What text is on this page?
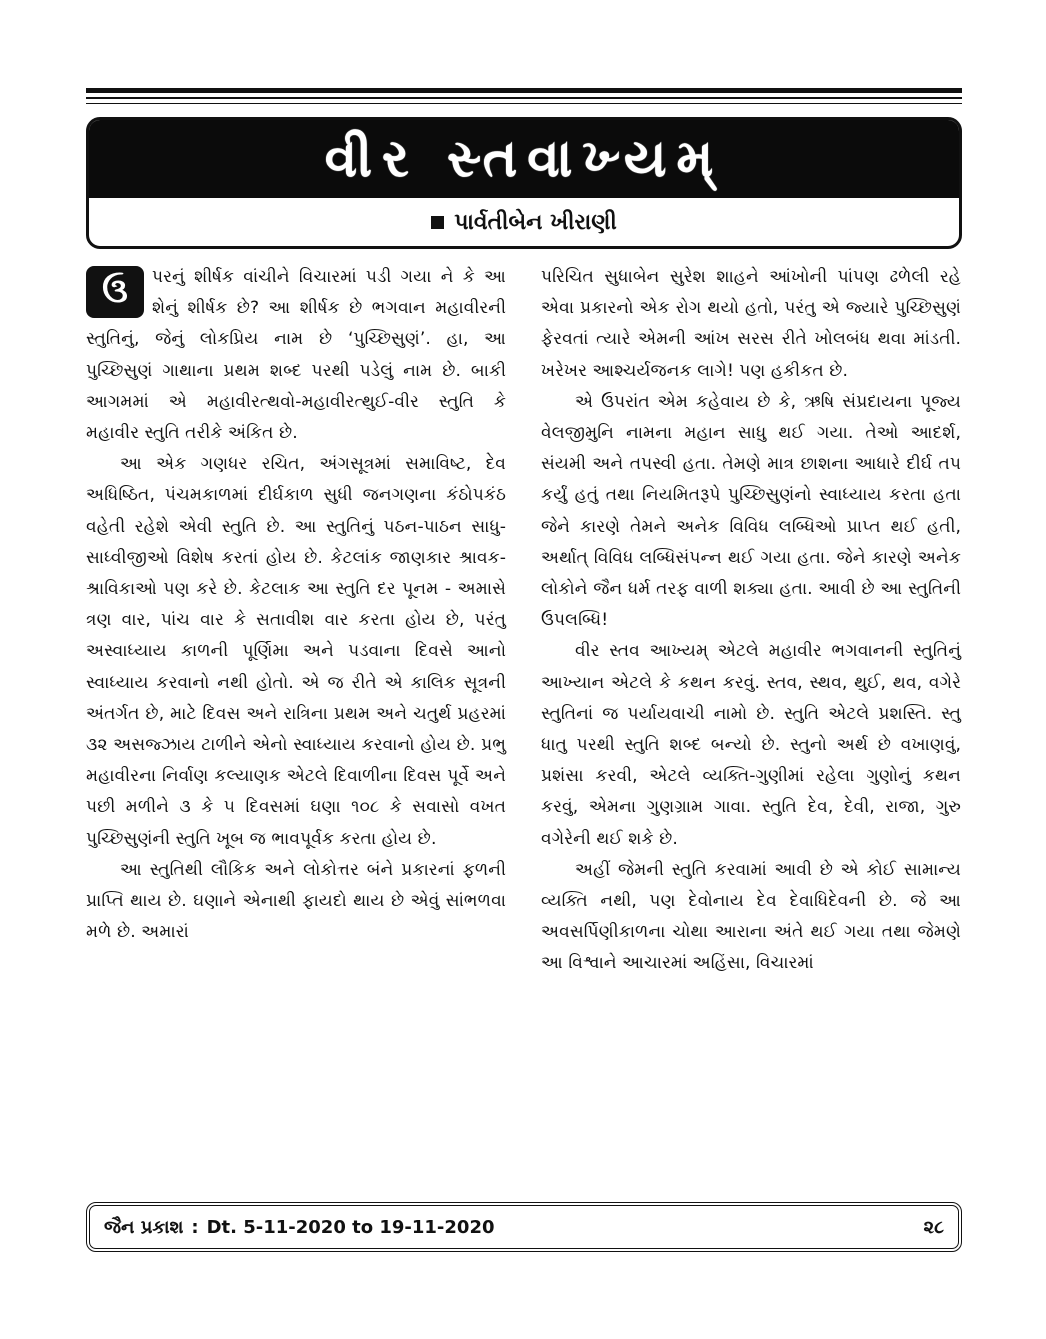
વીર સ્તવાખ્યમ્
પાર્વતીબેન ખીરાણી

ઉ	પરનું શીર્ષક વાંચીને વિચારમાં પડી ગયા ને કે આ શેનું શીર્ષક છે? આ શીર્ષક છે ભગવાન મહાવીરની સ્તુતિનું, જેનું લોકપ્રિય નામ છે ‘પુચ્છિસુણં’. હા, આ પુચ્છિસુણં ગાથાના પ્રથમ શબ્દ પરથી પડેલું નામ છે. બાકી આગમમાં એ મહાવીરત્થવો-મહાવીરત્થુઈ-વીર સ્તુતિ કે મહાવીર સ્તુતિ તરીકે અંકિત છે.

આ એક ગણધર રચિત, અંગસૂત્રમાં સમાવિષ્ટ, દેવ અધિષ્ઠિત, પંચમકાળમાં દીર્ઘકાળ સુધી જનગણના કંઠોપકંઠ વહેતી રહેશે એવી સ્તુતિ છે. આ સ્તુતિનું પઠન-પાઠન સાધુ-સાધ્વીજીઓ વિશેષ કરતાં હોય છે. કેટલાંક જાણકાર શ્રાવક-શ્રાવિકાઓ પણ કરે છે. કેટલાક આ સ્તુતિ દર પૂનમ - અમાસે ત્રણ વાર, પાંચ વાર કે સતાવીશ વાર કરતા હોય છે, પરંતુ અસ્વાધ્યાય કાળની પૂર્ણિમા અને પડવાના દિવસે આનો સ્વાધ્યાય કરવાનો નથી હોતો. એ જ રીતે એ કાલિક સૂત્રની અંતર્ગત છે, માટે દિવસ અને રાત્રિના પ્રથમ અને ચતુર્થ પ્રહરમાં ૩૨ અસજ્ઝાય ટાળીને એનો સ્વાધ્યાય કરવાનો હોય છે. પ્રભુ મહાવીરના નિર્વાણ કલ્યાણક એટલે દિવાળીના દિવસ પૂર્વે અને પછી મળીને ૩ કે ૫ દિવસમાં ઘણા ૧૦૮ કે સવાસો વખત પુચ્છિસુણંની સ્તુતિ ખૂબ જ ભાવપૂર્વક કરતા હોય છે.

આ સ્તુતિથી લૌકિક અને લોકોત્તર બંને પ્રકારનાં ફળની પ્રાપ્તિ થાય છે. ઘણાને એનાથી ફાયદો થાય છે એવું સાંભળવા મળે છે. અમારાં

પરિચિત સુધાબેન સુરેશ શાહને આંખોની પાંપણ ઢળેલી રહે એવા પ્રકારનો એક રોગ થયો હતો, પરંતુ એ જ્યારે પુચ્છિસુણં ફેરવતાં ત્યારે એમની આંખ સરસ રીતે ખોલબંધ થવા માંડતી. ખરેખર આશ્ચર્યજનક લાગે! પણ હકીકત છે.

એ ઉપરાંત એમ કહેવાય છે કે, ઋષિ સંપ્રદાયના પૂજ્ય વેલજીમુનિ નામના મહાન સાધુ થઈ ગયા. તેઓ આદર્શ, સંયમી અને તપસ્વી હતા. તેમણે માત્ર છાશના આધારે દીર્ઘ તપ કર્યું હતું તથા નિયમિતરૂપે પુચ્છિસુણંનો સ્વાધ્યાય કરતા હતા જેને કારણે તેમને અનેક વિવિધ લબ્ધિઓ પ્રાપ્ત થઈ હતી, અર્થાત્ વિવિધ લબ્ધિસંપન્ન થઈ ગયા હતા. જેને કારણે અનેક લોકોને જૈન ધર્મ તરફ વાળી શક્યા હતા. આવી છે આ સ્તુતિની ઉપલબ્ધિ!

વીર સ્તવ આખ્યમ્ એટલે મહાવીર ભગવાનની સ્તુતિનું આખ્યાન એટલે કે કથન કરવું. સ્તવ, સ્થવ, થુઈ, થવ, વગેરે સ્તુતિનાં જ પર્યાયવાચી નામો છે. સ્તુતિ એટલે પ્રશસ્તિ. સ્તુ ધાતુ પરથી સ્તુતિ શબ્દ બન્યો છે. સ્તુનો અર્થ છે વખાણવું, પ્રશંસા કરવી, એટલે વ્યક્તિ-ગુણીમાં રહેલા ગુણોનું કથન કરવું, એમના ગુણગ્રામ ગાવા. સ્તુતિ દેવ, દેવી, રાજા, ગુરુ વગેરેની થઈ શકે છે.

અહીં જેમની સ્તુતિ કરવામાં આવી છે એ કોઈ સામાન્ય વ્યક્તિ નથી, પણ દેવોનાય દેવ દેવાધિદેવની છે. જે આ અવસર્પિણીકાળના ચોથા આરાના અંતે થઈ ગયા તથા જેમણે આ વિશ્વાને આચારમાં અહિંસા, વિચારમાં

જૈન પ્રકાશ : Dt. 5-11-2020 to 19-11-2020	૨૮
